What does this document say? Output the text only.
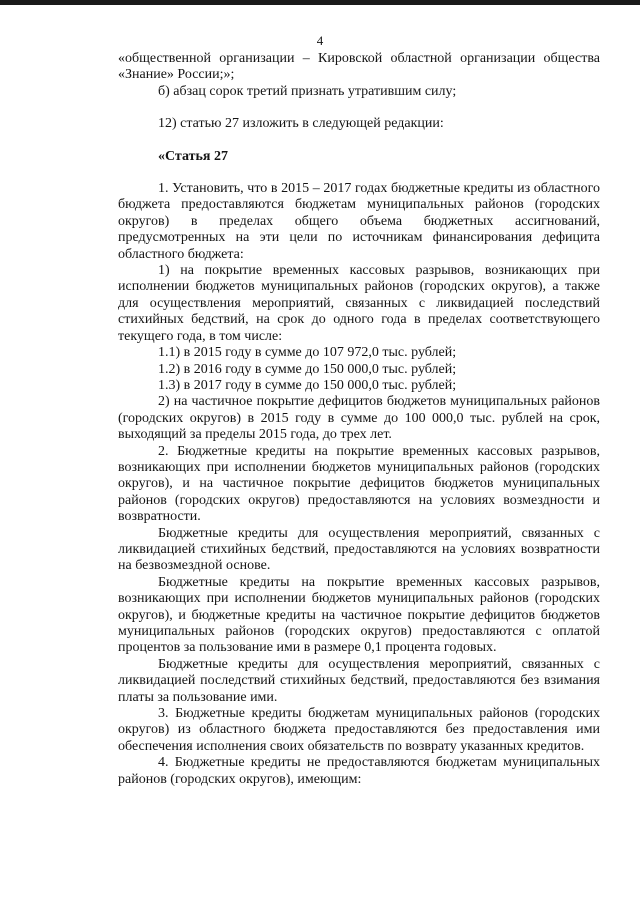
4

«общественной организации – Кировской областной организации общества «Знание» России;»;

б) абзац сорок третий признать утратившим силу;

12) статью 27 изложить в следующей редакции:

«Статья 27

1. Установить, что в 2015 – 2017 годах бюджетные кредиты из областного бюджета предоставляются бюджетам муниципальных районов (городских округов) в пределах общего объема бюджетных ассигнований, предусмотренных на эти цели по источникам финансирования дефицита областного бюджета:

1) на покрытие временных кассовых разрывов, возникающих при исполнении бюджетов муниципальных районов (городских округов), а также для осуществления мероприятий, связанных с ликвидацией последствий стихийных бедствий, на срок до одного года в пределах соответствующего текущего года, в том числе:

1.1) в 2015 году в сумме до 107 972,0 тыс. рублей;

1.2) в 2016 году в сумме до 150 000,0 тыс. рублей;

1.3) в 2017 году в сумме до 150 000,0 тыс. рублей;

2) на частичное покрытие дефицитов бюджетов муниципальных районов (городских округов) в 2015 году в сумме до 100 000,0 тыс. рублей на срок, выходящий за пределы 2015 года, до трех лет.

2. Бюджетные кредиты на покрытие временных кассовых разрывов, возникающих при исполнении бюджетов муниципальных районов (городских округов), и на частичное покрытие дефицитов бюджетов муниципальных районов (городских округов) предоставляются на условиях возмездности и возвратности.

Бюджетные кредиты для осуществления мероприятий, связанных с ликвидацией стихийных бедствий, предоставляются на условиях возвратности на безвозмездной основе.

Бюджетные кредиты на покрытие временных кассовых разрывов, возникающих при исполнении бюджетов муниципальных районов (городских округов), и бюджетные кредиты на частичное покрытие дефицитов бюджетов муниципальных районов (городских округов) предоставляются с оплатой процентов за пользование ими в размере 0,1 процента годовых.

Бюджетные кредиты для осуществления мероприятий, связанных с ликвидацией последствий стихийных бедствий, предоставляются без взимания платы за пользование ими.

3. Бюджетные кредиты бюджетам муниципальных районов (городских округов) из областного бюджета предоставляются без предоставления ими обеспечения исполнения своих обязательств по возврату указанных кредитов.

4. Бюджетные кредиты не предоставляются бюджетам муниципальных районов (городских округов), имеющим:
